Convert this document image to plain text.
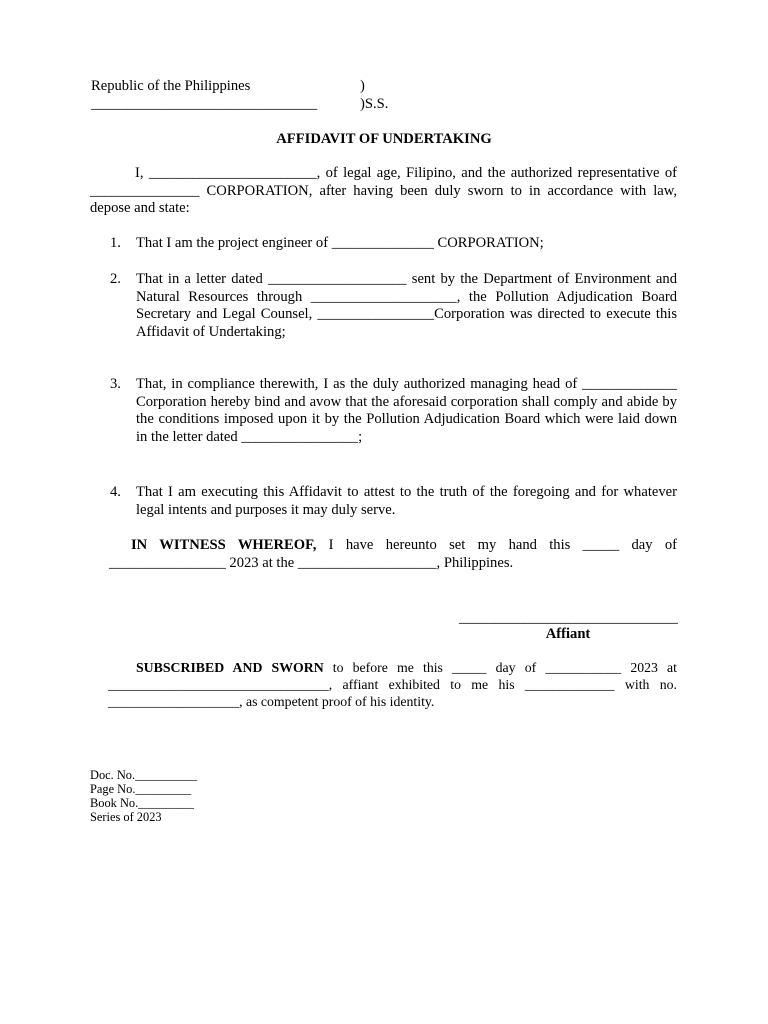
Republic of the Philippines
_______________________________
)
)S.S.
AFFIDAVIT OF UNDERTAKING
I, _______________________, of legal age, Filipino, and the authorized representative of _______________ CORPORATION, after having been duly sworn to in accordance with law, depose and state:
1.	That I am the project engineer of ______________ CORPORATION;
2.	That in a letter dated ___________________ sent by the Department of Environment and Natural Resources through ____________________, the Pollution Adjudication Board Secretary and Legal Counsel, ________________Corporation was directed to execute this Affidavit of Undertaking;
3.	That, in compliance therewith, I as the duly authorized managing head of _____________ Corporation hereby bind and avow that the aforesaid corporation shall comply and abide by the conditions imposed upon it by the Pollution Adjudication Board which were laid down in the letter dated ________________;
4.	That I am executing this Affidavit to attest to the truth of the foregoing and for whatever legal intents and purposes it may duly serve.
IN WITNESS WHEREOF, I have hereunto set my hand this _____ day of ________________ 2023 at the ___________________, Philippines.
______________________________
Affiant
SUBSCRIBED AND SWORN to before me this _____ day of ___________ 2023 at ________________________________, affiant exhibited to me his _____________ with no. ___________________, as competent proof of his identity.
Doc. No.__________
Page No._________
Book No._________
Series of 2023
